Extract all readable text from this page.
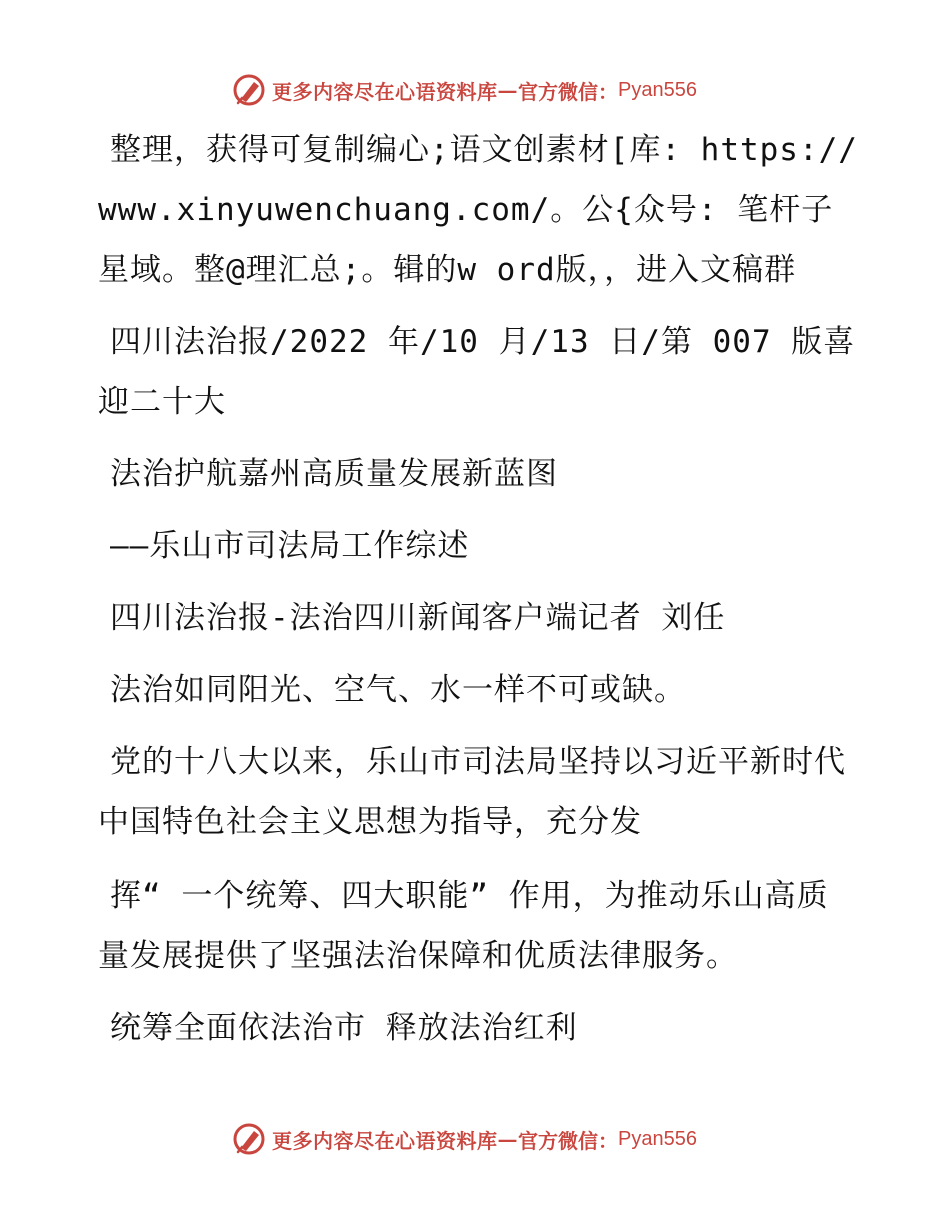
更多内容尽在心语资料库 — 官方微信： Pyan556

整理，获得可复制编心;语文创素材[库: https://www.xinyuwenchuang.com/。公{众号: 笔杆子星域。整@理汇总;。辑的w ord版，，进入文稿群

四川法治报/2022 年/10 月/13 日/第 007 版喜迎二十大

法治护航嘉州高质量发展新蓝图

——乐山市司法局工作综述

四川法治报-法治四川新闻客户端记者 刘任

法治如同阳光、空气、水一样不可或缺。

党的十八大以来，乐山市司法局坚持以习近平新时代中国特色社会主义思想为指导，充分发

挥“ 一个统筹、四大职能” 作用，为推动乐山高质量发展提供了坚强法治保障和优质法律服务。

统筹全面依法治市 释放法治红利

更多内容尽在心语资料库 — 官方微信： Pyan556
